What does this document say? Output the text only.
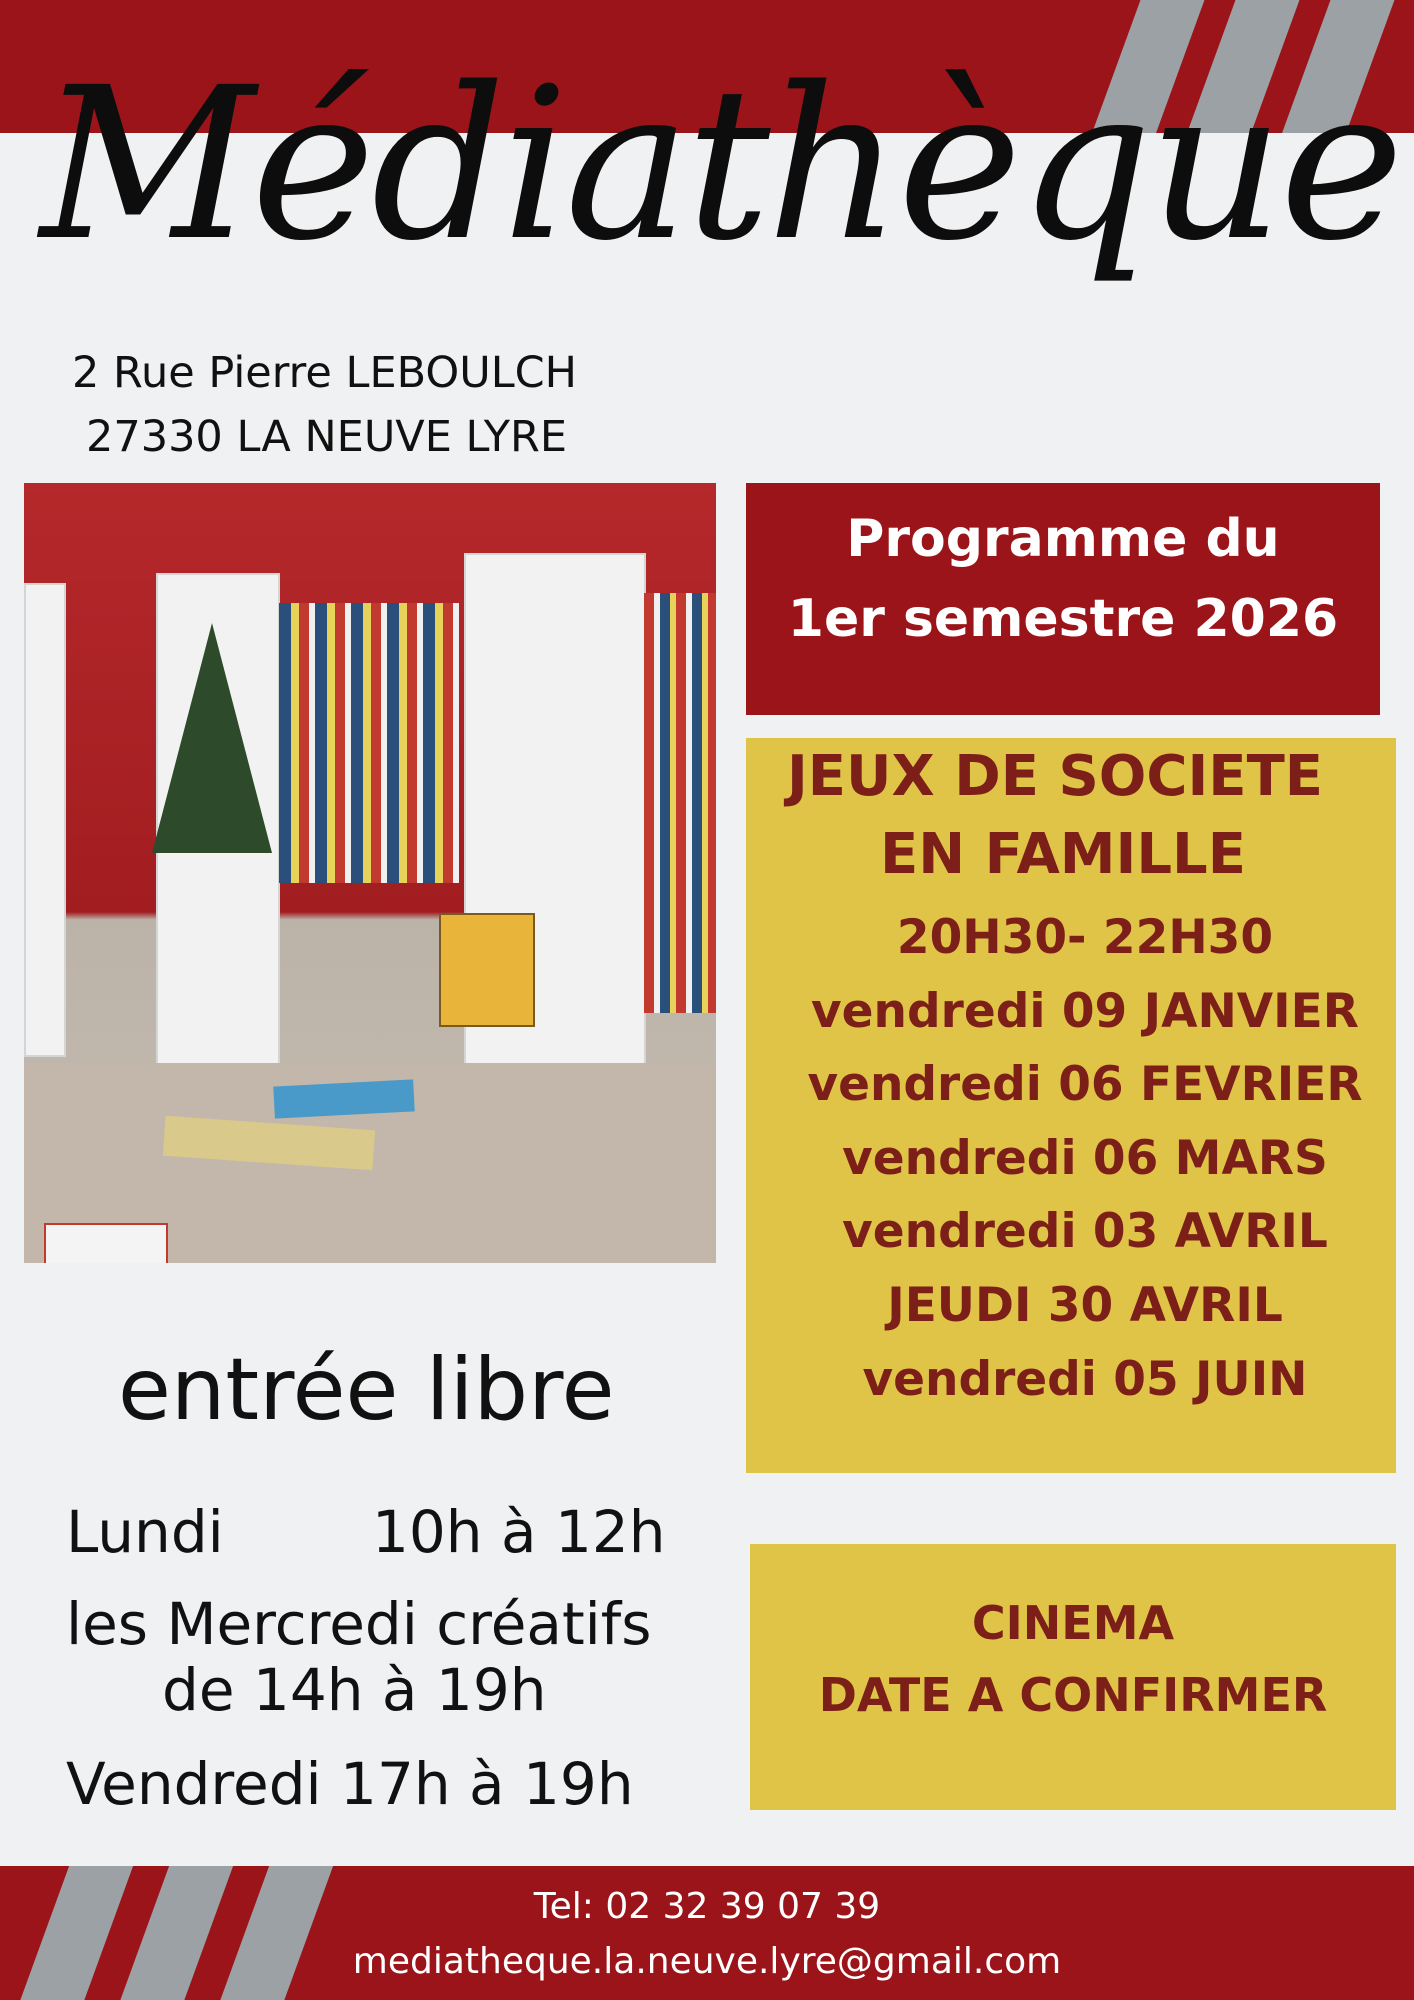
Médiathèque
2 Rue Pierre LEBOULCH
27330 LA NEUVE LYRE
Programme du
1er semestre 2026
JEUX DE SOCIETE
EN FAMILLE
20H30- 22H30
vendredi 09 JANVIER
vendredi 06 FEVRIER
vendredi 06 MARS
vendredi 03 AVRIL
JEUDI 30 AVRIL
vendredi 05 JUIN
CINEMA
DATE A CONFIRMER
entrée libre
Lundi	10h à 12h
les Mercredi créatifs
de 14h à 19h
Vendredi 17h à 19h
Tel: 02 32 39 07 39
mediatheque.la.neuve.lyre@gmail.com
